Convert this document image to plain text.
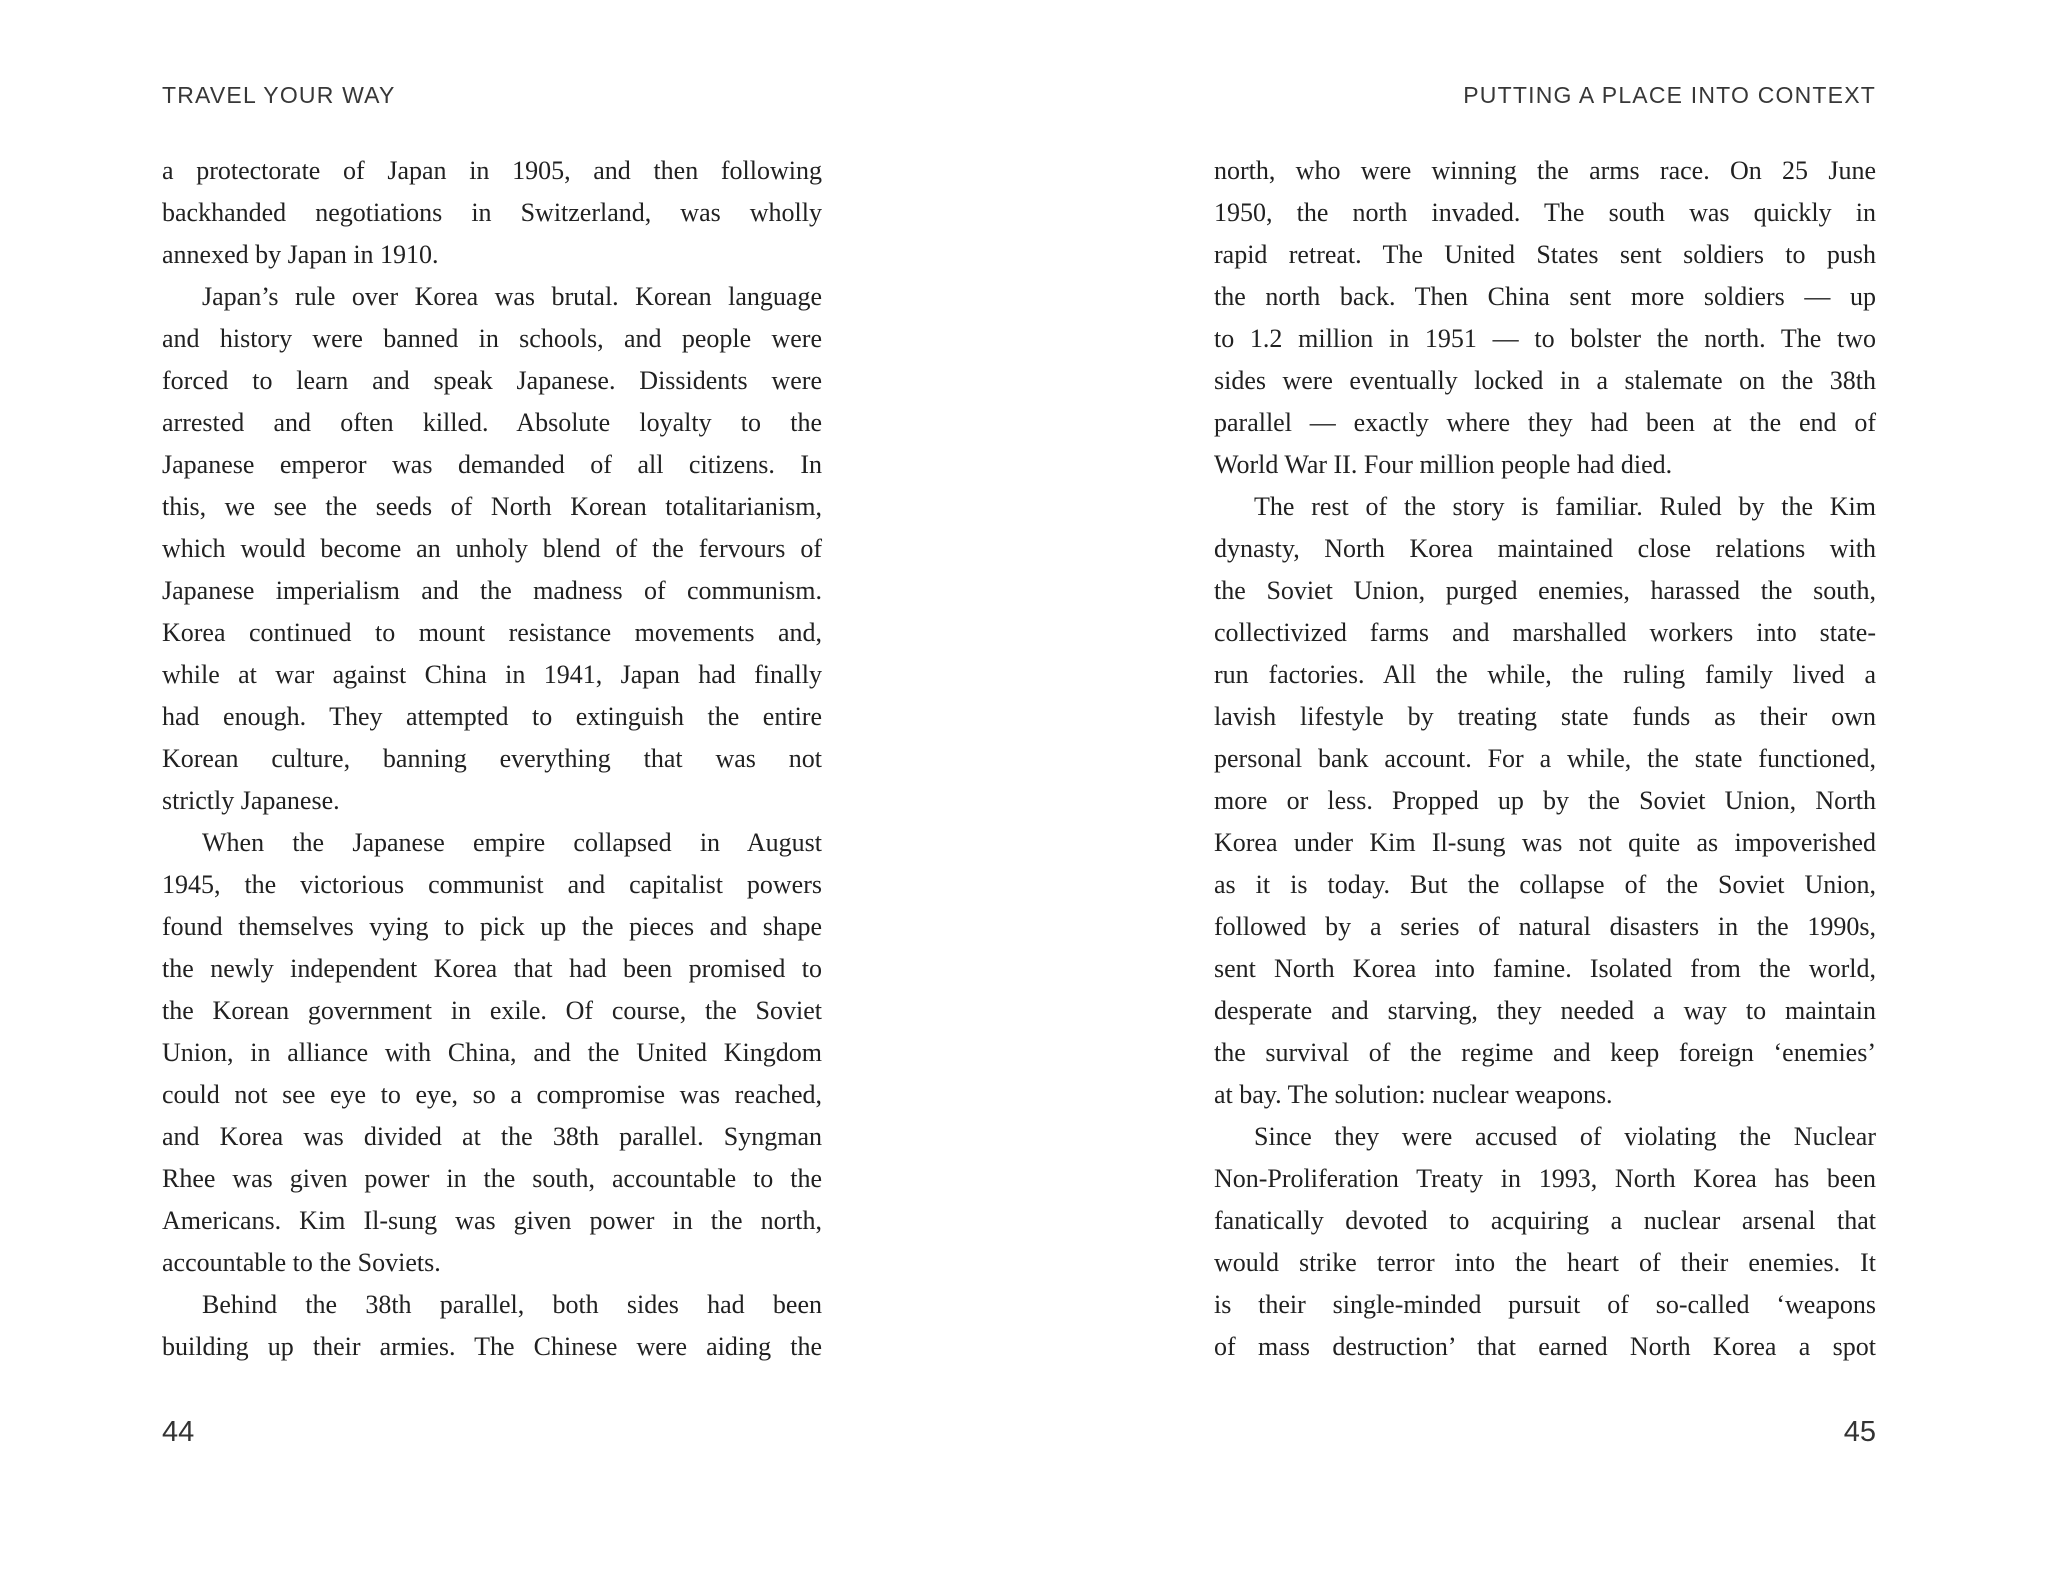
TRAVEL YOUR WAY
a protectorate of Japan in 1905, and then following
backhanded negotiations in Switzerland, was wholly
annexed by Japan in 1910.
Japan’s rule over Korea was brutal. Korean language
and history were banned in schools, and people were
forced to learn and speak Japanese. Dissidents were
arrested and often killed. Absolute loyalty to the
Japanese emperor was demanded of all citizens. In
this, we see the seeds of North Korean totalitarianism,
which would become an unholy blend of the fervours of
Japanese imperialism and the madness of communism.
Korea continued to mount resistance movements and,
while at war against China in 1941, Japan had finally
had enough. They attempted to extinguish the entire
Korean culture, banning everything that was not
strictly Japanese.
When the Japanese empire collapsed in August
1945, the victorious communist and capitalist powers
found themselves vying to pick up the pieces and shape
the newly independent Korea that had been promised to
the Korean government in exile. Of course, the Soviet
Union, in alliance with China, and the United Kingdom
could not see eye to eye, so a compromise was reached,
and Korea was divided at the 38th parallel. Syngman
Rhee was given power in the south, accountable to the
Americans. Kim Il-sung was given power in the north,
accountable to the Soviets.
Behind the 38th parallel, both sides had been
building up their armies. The Chinese were aiding the
44
PUTTING A PLACE INTO CONTEXT
north, who were winning the arms race. On 25 June
1950, the north invaded. The south was quickly in
rapid retreat. The United States sent soldiers to push
the north back. Then China sent more soldiers — up
to 1.2 million in 1951 — to bolster the north. The two
sides were eventually locked in a stalemate on the 38th
parallel — exactly where they had been at the end of
World War II. Four million people had died.
The rest of the story is familiar. Ruled by the Kim
dynasty, North Korea maintained close relations with
the Soviet Union, purged enemies, harassed the south,
collectivized farms and marshalled workers into state-
run factories. All the while, the ruling family lived a
lavish lifestyle by treating state funds as their own
personal bank account. For a while, the state functioned,
more or less. Propped up by the Soviet Union, North
Korea under Kim Il-sung was not quite as impoverished
as it is today. But the collapse of the Soviet Union,
followed by a series of natural disasters in the 1990s,
sent North Korea into famine. Isolated from the world,
desperate and starving, they needed a way to maintain
the survival of the regime and keep foreign ‘enemies’
at bay. The solution: nuclear weapons.
Since they were accused of violating the Nuclear
Non-Proliferation Treaty in 1993, North Korea has been
fanatically devoted to acquiring a nuclear arsenal that
would strike terror into the heart of their enemies. It
is their single-minded pursuit of so-called ‘weapons
of mass destruction’ that earned North Korea a spot
45
